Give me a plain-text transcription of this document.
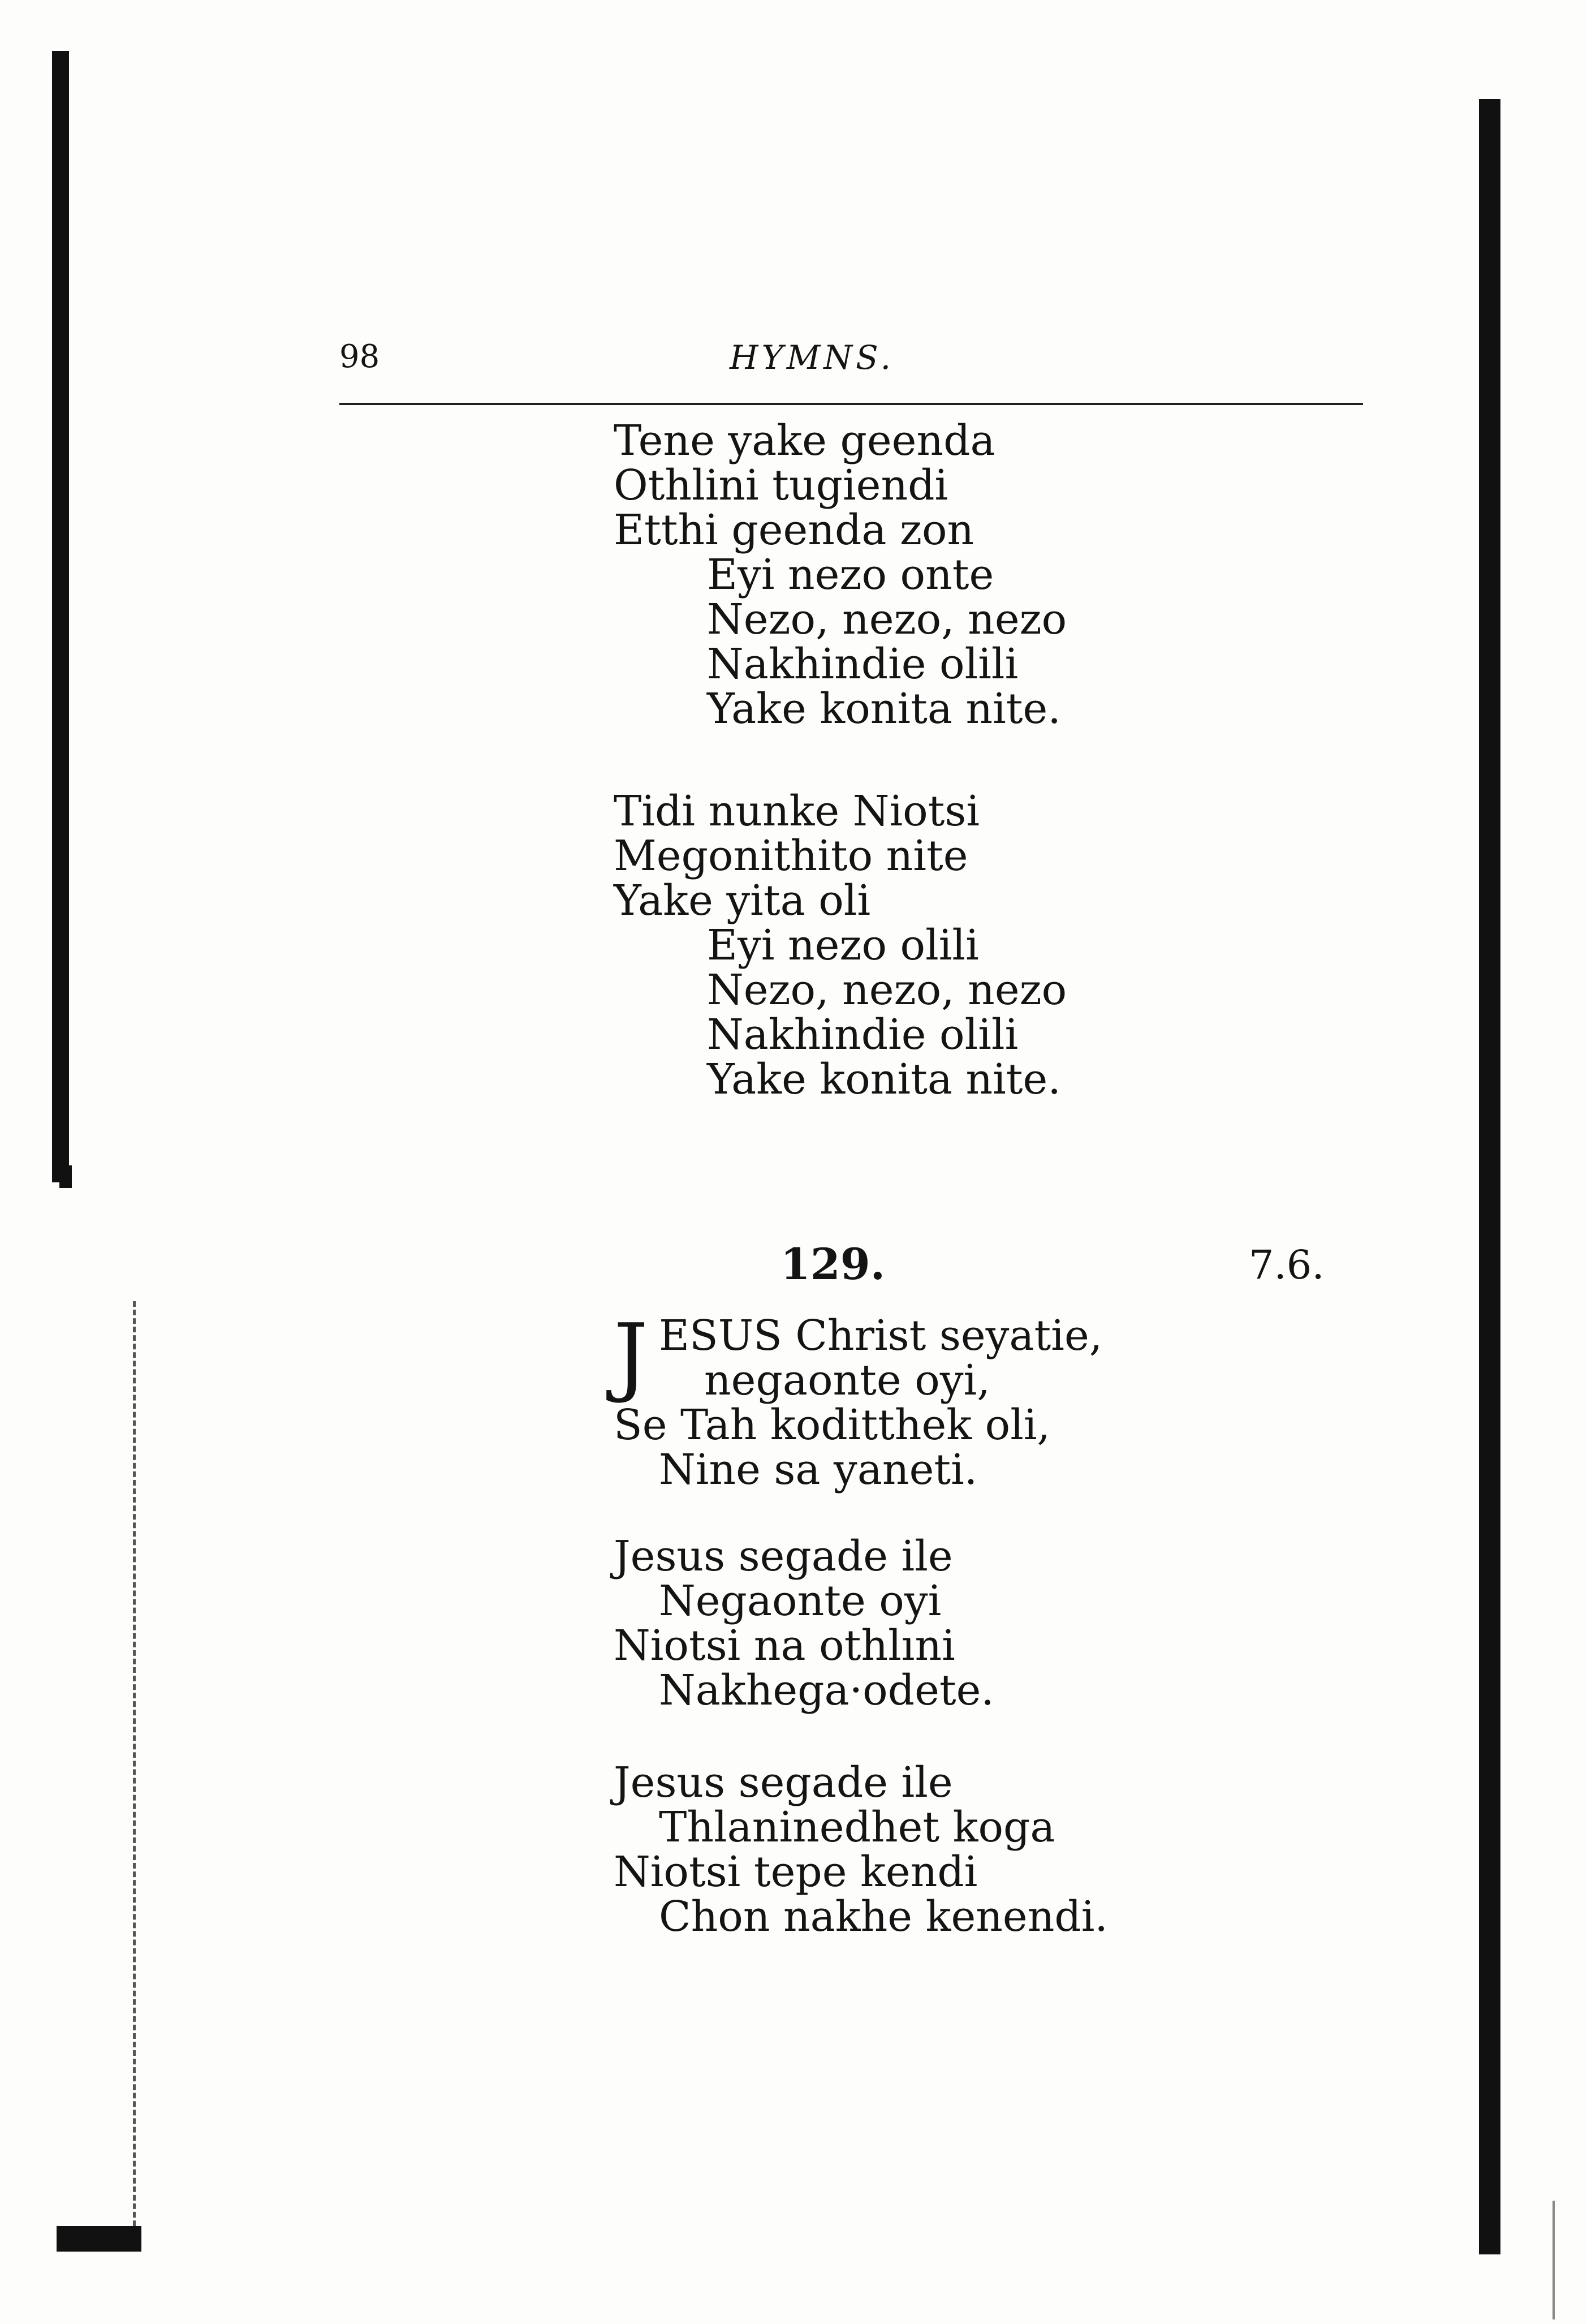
98	HYMNS.
Tene yake geenda
Othlini tugiendi
Etthi geenda zon
Eyi nezo onte
Nezo, nezo, nezo
Nakhindie olili
Yake konita nite.
Tidi nunke Niotsi
Megonithito nite
Yake yita oli
Eyi nezo olili
Nezo, nezo, nezo
Nakhindie olili
Yake konita nite.
129.	7.6.
J ESUS Christ seyatie,
negaonte oyi,
Se Tah koditthek oli,
Nine sa yaneti.
Jesus segade ile
Negaonte oyi
Niotsi na othlıni
Nakhega·odete.
Jesus segade ile
Thlaninedhet koga
Niotsi tepe kendi
Chon nakhe kenendi.
